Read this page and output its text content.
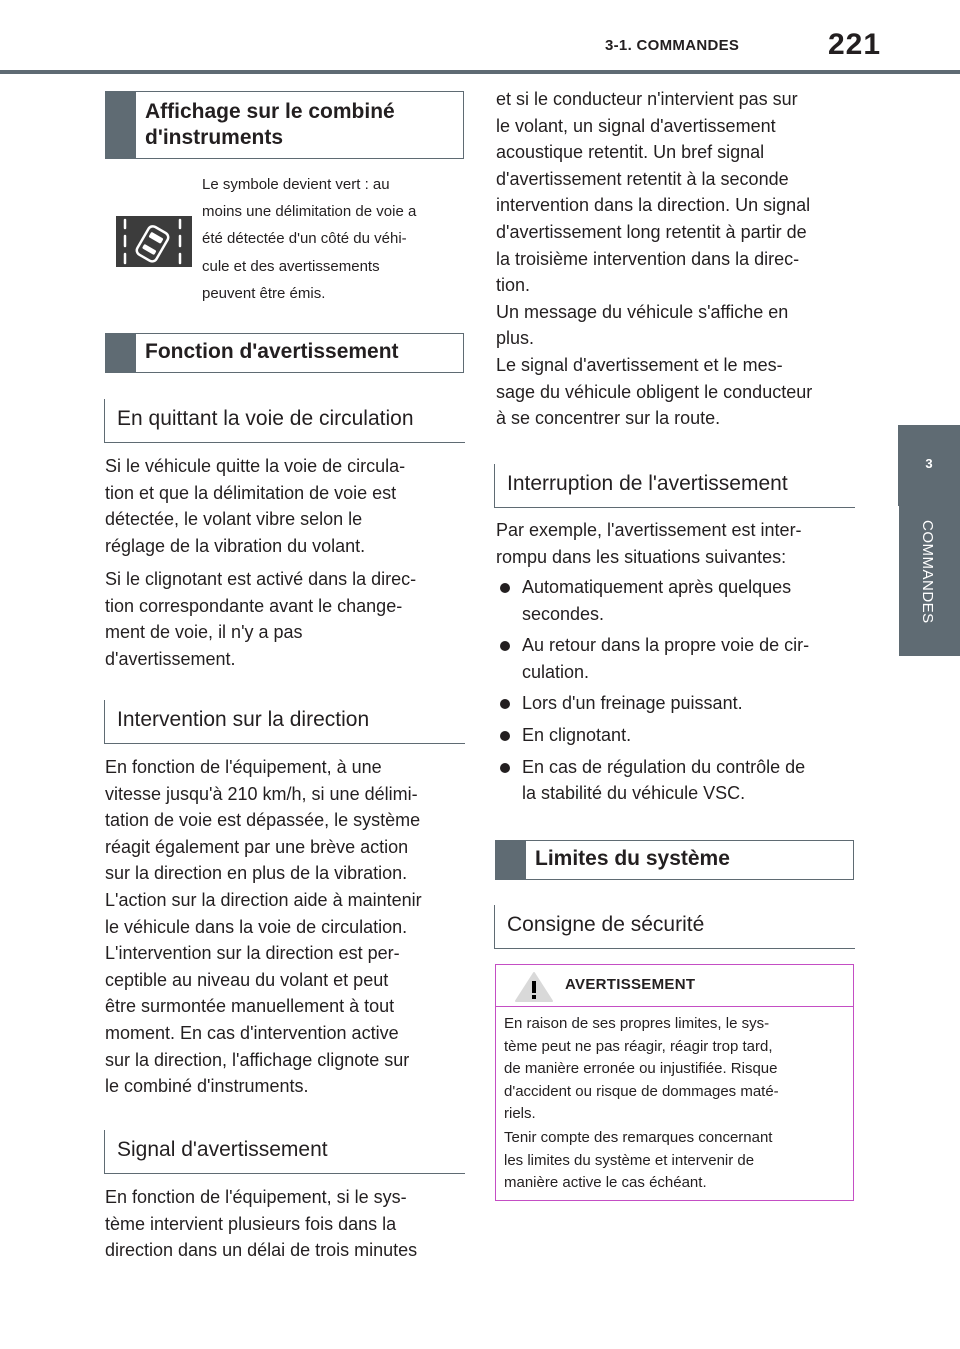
3-1. COMMANDES	221
3
COMMANDES
Affichage sur le combiné
d'instruments
Le symbole devient vert : au
moins une délimitation de voie a
été détectée d'un côté du véhi-
cule et des avertissements
peuvent être émis.
Fonction d'avertissement
En quittant la voie de circulation
Si le véhicule quitte la voie de circula-
tion et que la délimitation de voie est
détectée, le volant vibre selon le
réglage de la vibration du volant.
Si le clignotant est activé dans la direc-
tion correspondante avant le change-
ment de voie, il n'y a pas
d'avertissement.
Intervention sur la direction
En fonction de l'équipement, à une
vitesse jusqu'à 210 km/h, si une délimi-
tation de voie est dépassée, le système
réagit également par une brève action
sur la direction en plus de la vibration.
L'action sur la direction aide à maintenir
le véhicule dans la voie de circulation.
L'intervention sur la direction est per-
ceptible au niveau du volant et peut
être surmontée manuellement à tout
moment. En cas d'intervention active
sur la direction, l'affichage clignote sur
le combiné d'instruments.
Signal d'avertissement
En fonction de l'équipement, si le sys-
tème intervient plusieurs fois dans la
direction dans un délai de trois minutes
et si le conducteur n'intervient pas sur
le volant, un signal d'avertissement
acoustique retentit. Un bref signal
d'avertissement retentit à la seconde
intervention dans la direction. Un signal
d'avertissement long retentit à partir de
la troisième intervention dans la direc-
tion.
Un message du véhicule s'affiche en
plus.
Le signal d'avertissement et le mes-
sage du véhicule obligent le conducteur
à se concentrer sur la route.
Interruption de l'avertissement
Par exemple, l'avertissement est inter-
rompu dans les situations suivantes:
Automatiquement après quelques
secondes.
Au retour dans la propre voie de cir-
culation.
Lors d'un freinage puissant.
En clignotant.
En cas de régulation du contrôle de
la stabilité du véhicule VSC.
Limites du système
Consigne de sécurité
AVERTISSEMENT
En raison de ses propres limites, le sys-
tème peut ne pas réagir, réagir trop tard,
de manière erronée ou injustifiée. Risque
d'accident ou risque de dommages maté-
riels.
Tenir compte des remarques concernant
les limites du système et intervenir de
manière active le cas échéant.
